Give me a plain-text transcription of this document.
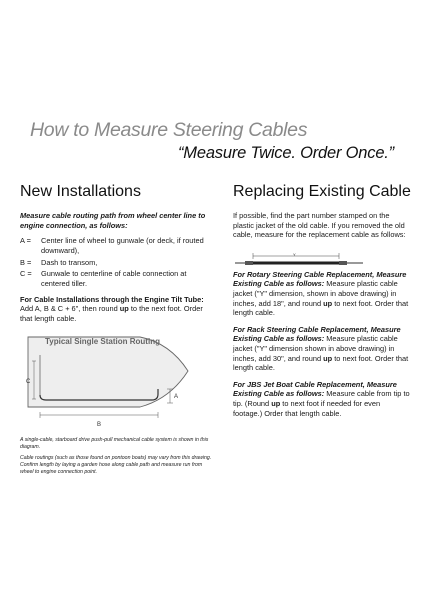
How to Measure Steering Cables
“Measure Twice. Order Once.”
New Installations
Measure cable routing path from wheel center line to engine connection, as follows:
A =	Center line of wheel to gunwale (or deck, if routed downward),
B =	Dash to transom,
C =	Gunwale to centerline of cable connection at centered tiller.
For Cable Installations through the Engine Tilt Tube:
Add A, B & C + 6", then round up to the next foot. Order that length cable.
C
B
A
Typical Single Station Routing
A single-cable, starboard drive push-pull mechanical cable system is shown in this diagram.
Cable routings (such as those found on pontoon boats) may vary from this drawing. Confirm length by laying a garden hose along cable path and measure run from wheel to engine connection point.
Replacing Existing Cable
If possible, find the part number stamped on the plastic jacket of the old cable. If you removed the old cable, measure for the replacement cable as follows:
Y
For Rotary Steering Cable Replacement, Measure Existing Cable as follows: Measure plastic cable jacket ("Y" dimension, shown in above drawing) in inches, add 18", and round up to next foot. Order that length cable.
For Rack Steering Cable Replacement, Measure Existing Cable as follows: Measure plastic cable jacket ("Y" dimension shown in above drawing) in inches, add 30", and round up to next foot. Order that length cable.
For JBS Jet Boat Cable Replacement, Measure Existing Cable as follows: Measure cable from tip to tip. (Round up to next foot if needed for even footage.) Order that length cable.
